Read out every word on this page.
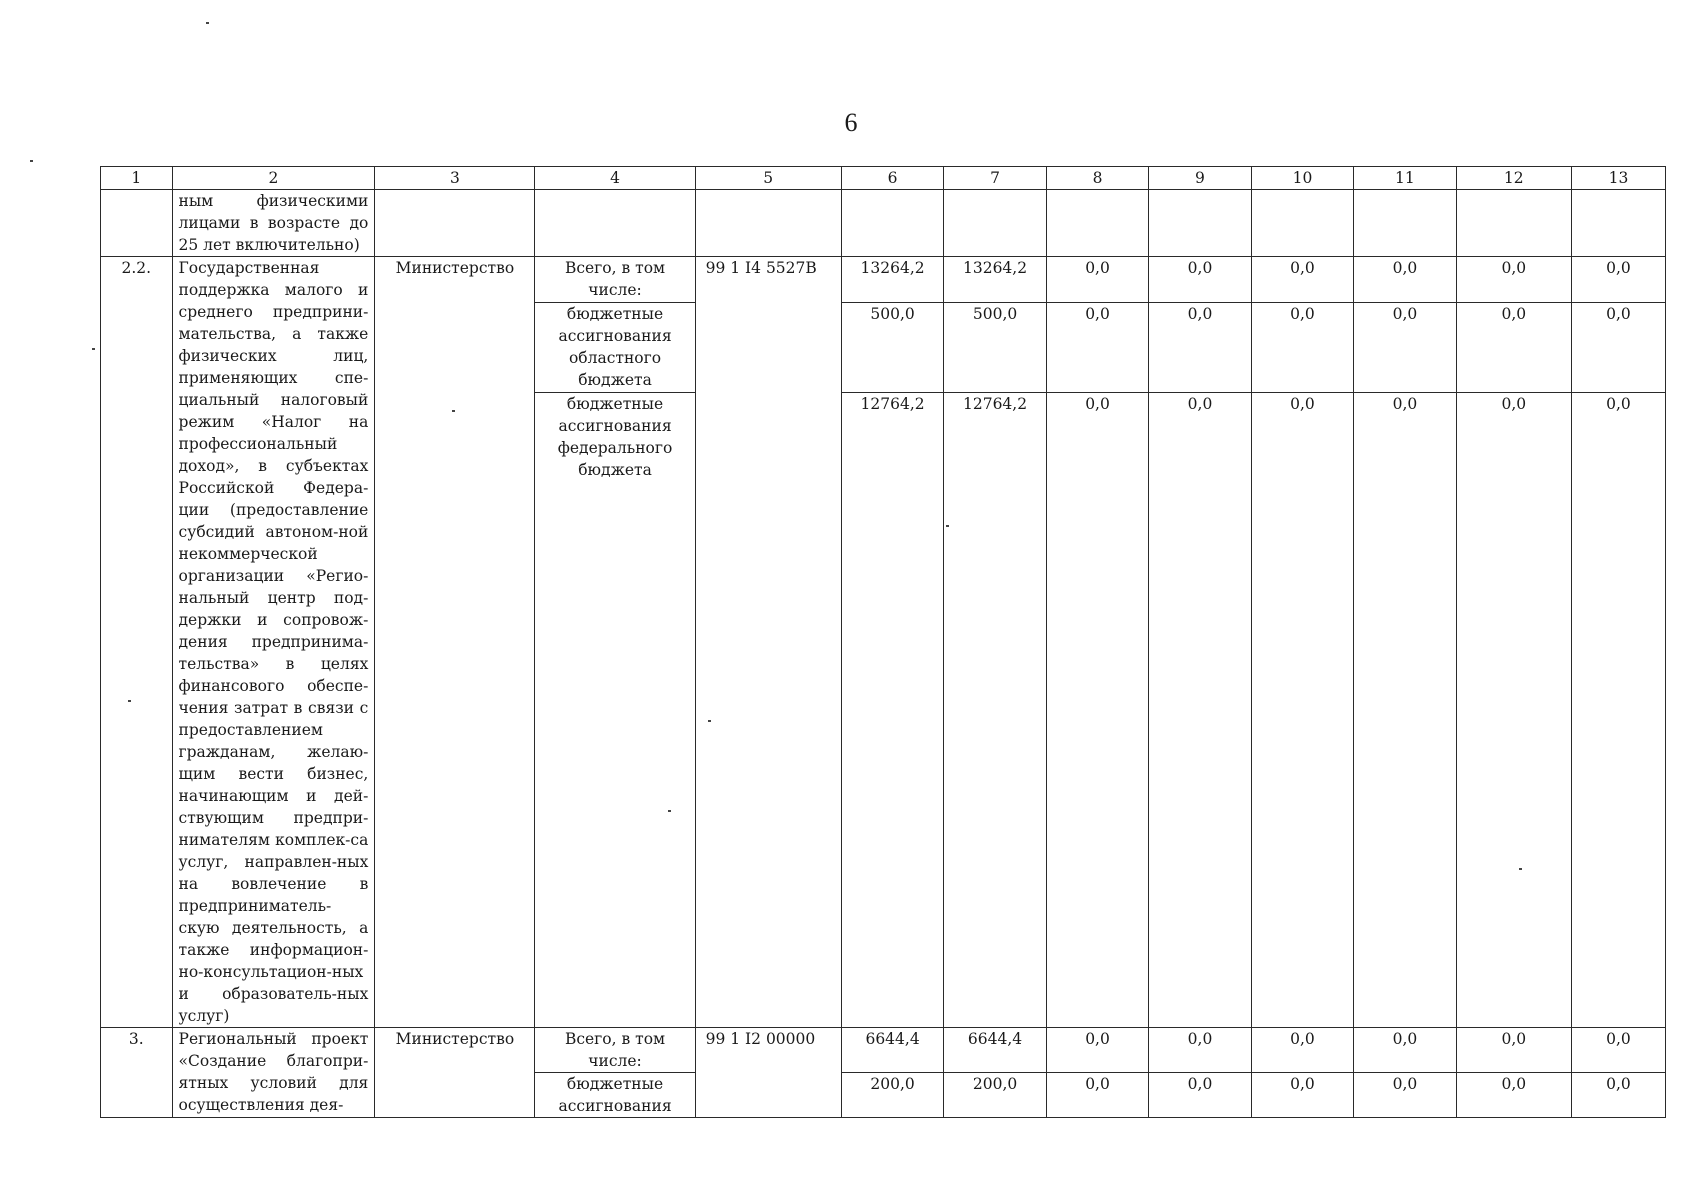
6
1	2	3	4	5	6	7	8	9	10	11	12	13
	ным физическими лицами в возрасте до 25 лет включительно)											
2.2.	Государственная поддержка малого и среднего предприни-мательства, а также физических лиц, применяющих спе-циальный налоговый режим «Налог на профессиональный доход», в субъектах Российской Федера-ции (предоставление субсидий автоном-ной некоммерческой организации «Регио-нальный центр под-держки и сопровож-дения предпринима-тельства» в целях финансового обеспе-чения затрат в связи с предоставлением гражданам, желаю-щим вести бизнес, начинающим и дей-ствующим предпри-нимателям комплек-са услуг, направлен-ных на вовлечение в предприниматель-скую деятельность, а также информацион-но-консультацион-ных и образователь-ных услуг)	Министерство	Всего, в том числе:	99 1 I4 5527B	13264,2	13264,2	0,0	0,0	0,0	0,0	0,0	0,0
			бюджетные ассигнования областного бюджета		500,0	500,0	0,0	0,0	0,0	0,0	0,0	0,0
			бюджетные ассигнования федерального бюджета		12764,2	12764,2	0,0	0,0	0,0	0,0	0,0	0,0
3.	Региональный проект «Создание благопри-ятных условий для осуществления дея-	Министерство	Всего, в том числе:	99 1 I2 00000	6644,4	6644,4	0,0	0,0	0,0	0,0	0,0	0,0
			бюджетные ассигнования		200,0	200,0	0,0	0,0	0,0	0,0	0,0	0,0
